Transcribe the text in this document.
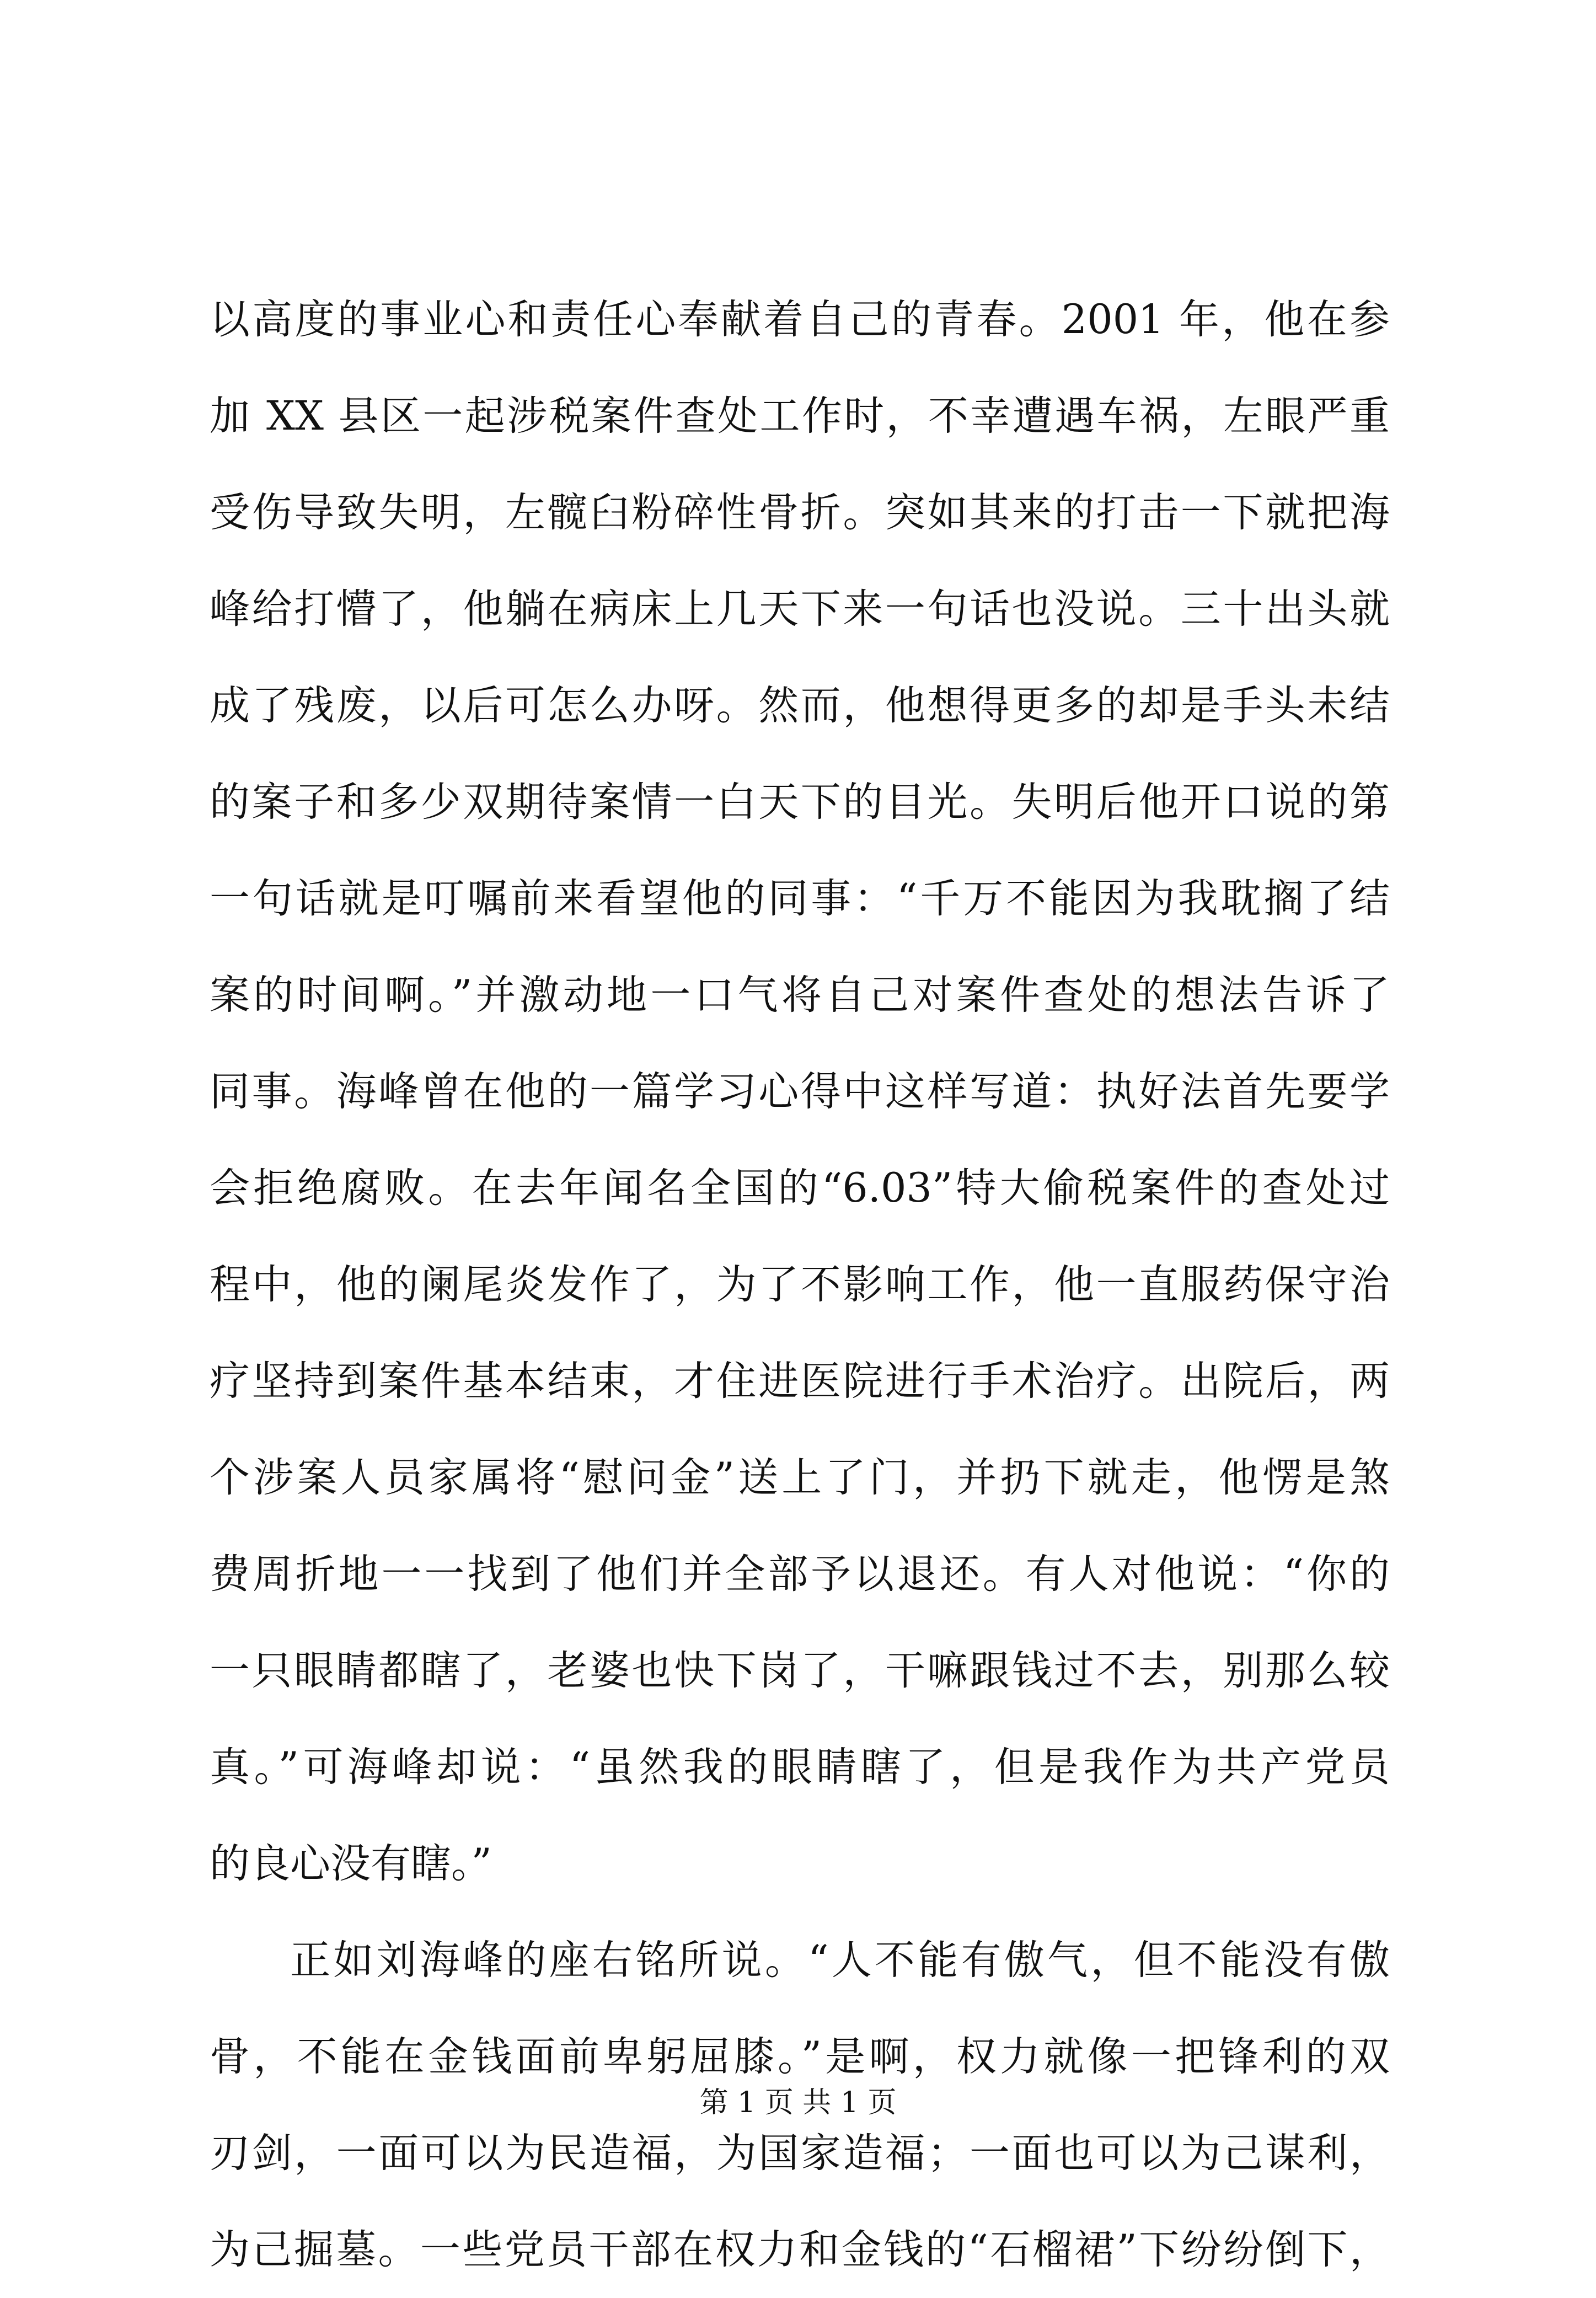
以高度的事业心和责任心奉献着自己的青春。2001 年，他在参
加 XX 县区一起涉税案件查处工作时，不幸遭遇车祸，左眼严重
受伤导致失明，左髋臼粉碎性骨折。突如其来的打击一下就把海
峰给打懵了，他躺在病床上几天下来一句话也没说。三十出头就
成了残废，以后可怎么办呀。然而，他想得更多的却是手头未结
的案子和多少双期待案情一白天下的目光。失明后他开口说的第
一句话就是叮嘱前来看望他的同事：“千万不能因为我耽搁了结
案的时间啊。”并激动地一口气将自己对案件查处的想法告诉了
同事。海峰曾在他的一篇学习心得中这样写道：执好法首先要学
会拒绝腐败。在去年闻名全国的“6.03”特大偷税案件的查处过
程中，他的阑尾炎发作了，为了不影响工作，他一直服药保守治
疗坚持到案件基本结束，才住进医院进行手术治疗。出院后，两
个涉案人员家属将“慰问金”送上了门，并扔下就走，他愣是煞
费周折地一一找到了他们并全部予以退还。有人对他说：“你的
一只眼睛都瞎了，老婆也快下岗了，干嘛跟钱过不去，别那么较
真。”可海峰却说：“虽然我的眼睛瞎了，但是我作为共产党员
的良心没有瞎。”
正如刘海峰的座右铭所说。“人不能有傲气，但不能没有傲
骨，不能在金钱面前卑躬屈膝。”是啊，权力就像一把锋利的双
刃剑，一面可以为民造福，为国家造福；一面也可以为己谋利，
为己掘墓。一些党员干部在权力和金钱的“石榴裙”下纷纷倒下，
第 1 页 共 1 页
